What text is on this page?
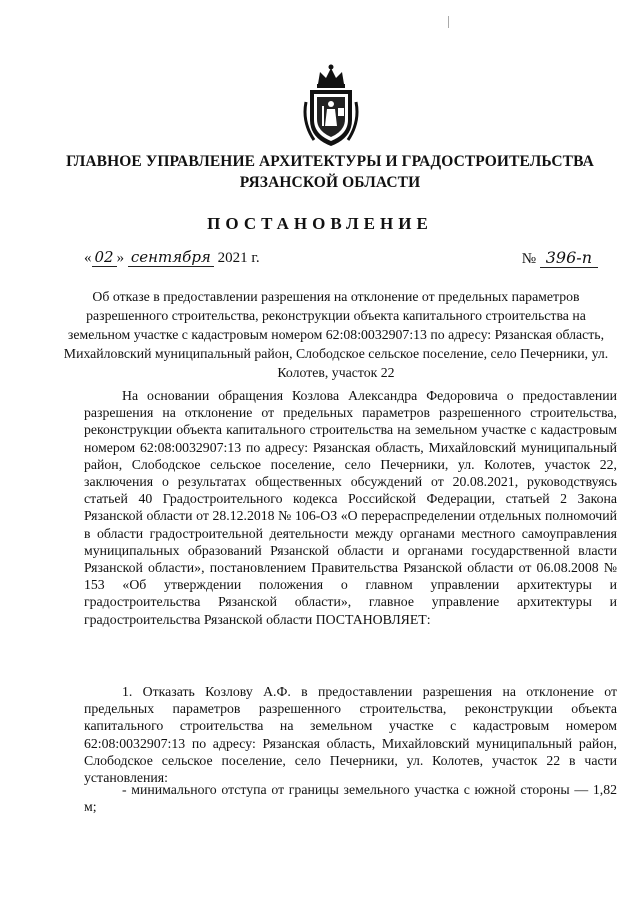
ГЛАВНОЕ УПРАВЛЕНИЕ АРХИТЕКТУРЫ И ГРАДОСТРОИТЕЛЬСТВА РЯЗАНСКОЙ ОБЛАСТИ
ПОСТАНОВЛЕНИЕ
« 02 » сентября 2021 г.	№ 396-п
Об отказе в предоставлении разрешения на отклонение от предельных параметров разрешенного строительства, реконструкции объекта капитального строительства на земельном участке с кадастровым номером 62:08:0032907:13 по адресу: Рязанская область, Михайловский муниципальный район, Слободское сельское поселение, село Печерники, ул. Колотев, участок 22
На основании обращения Козлова Александра Федоровича о предоставлении разрешения на отклонение от предельных параметров разрешенного строительства, реконструкции объекта капитального строительства на земельном участке с кадастровым номером 62:08:0032907:13 по адресу: Рязанская область, Михайловский муниципальный район, Слободское сельское поселение, село Печерники, ул. Колотев, участок 22, заключения о результатах общественных обсуждений от 20.08.2021, руководствуясь статьей 40 Градостроительного кодекса Российской Федерации, статьей 2 Закона Рязанской области от 28.12.2018 № 106-ОЗ «О перераспределении отдельных полномочий в области градостроительной деятельности между органами местного самоуправления муниципальных образований Рязанской области и органами государственной власти Рязанской области», постановлением Правительства Рязанской области от 06.08.2008 № 153 «Об утверждении положения о главном управлении архитектуры и градостроительства Рязанской области», главное управление архитектуры и градостроительства Рязанской области ПОСТАНОВЛЯЕТ:
1. Отказать Козлову А.Ф. в предоставлении разрешения на отклонение от предельных параметров разрешенного строительства, реконструкции объекта капитального строительства на земельном участке с кадастровым номером 62:08:0032907:13 по адресу: Рязанская область, Михайловский муниципальный район, Слободское сельское поселение, село Печерники, ул. Колотев, участок 22 в части установления:
- минимального отступа от границы земельного участка с южной стороны — 1,82 м;
